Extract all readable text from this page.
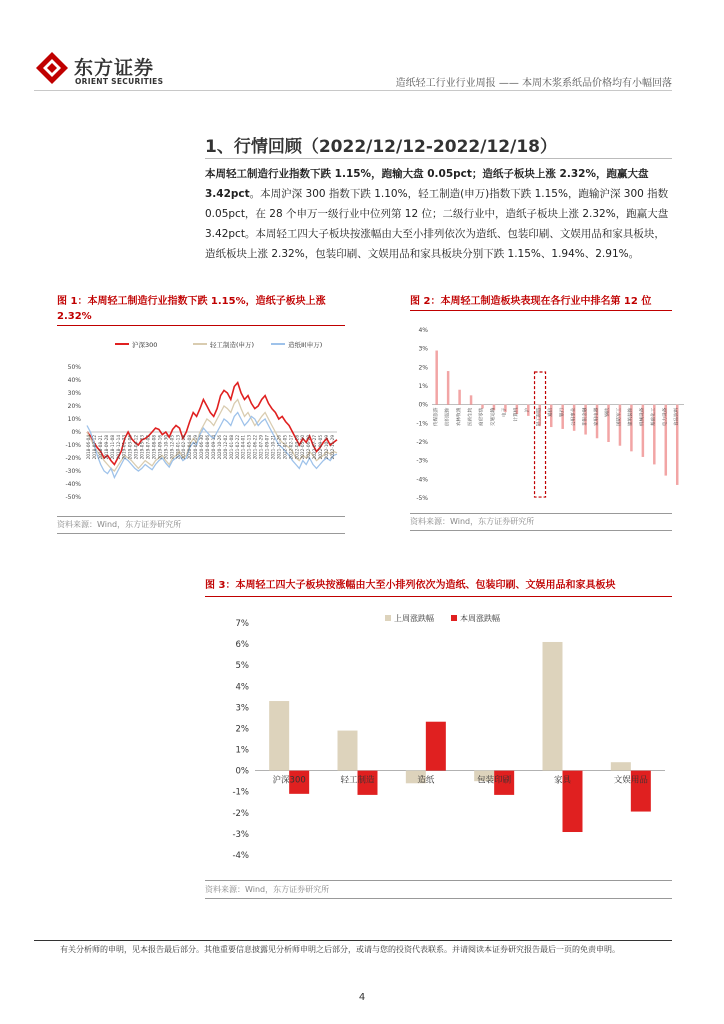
东方证券
ORIENT SECURITIES	造纸轻工行业行业周报 —— 本周木浆系纸品价格均有小幅回落
1、行情回顾（2022/12/12-2022/12/18）
本周轻工制造行业指数下跌 1.15%，跑输大盘 0.05pct；造纸子板块上涨 2.32%，跑赢大盘 3.42pct。本周沪深 300 指数下跌 1.10%，轻工制造(申万)指数下跌 1.15%，跑输沪深 300 指数 0.05pct，在 28 个申万一级行业中位列第 12 位；二级行业中，造纸子板块上涨 2.32%，跑赢大盘 3.42pct。本周轻工四大子板块按涨幅由大至小排列依次为造纸、包装印刷、文娱用品和家具板块，造纸板块上涨 2.32%，包装印刷、文娱用品和家具板块分别下跌 1.15%、1.94%、2.91%。
图 1：本周轻工制造行业指数下跌 1.15%，造纸子板块上涨 2.32%
沪深300	轻工制造(申万)	造纸Ⅱ(申万)
50%
40%
30%
20%
10%
0%
-10%
-20%
-30%
-40%
-50%
2018-06-04 2018-07-12 2018-08-21 2018-09-28 2018-11-08 2018-12-14 2019-01-23 2019-03-06 2019-04-12 2019-05-23 2019-07-02 2019-08-08 2019-09-16 2019-10-30 2019-12-05 2020-01-13 2020-02-28 2020-04-08 2020-05-19 2020-06-30 2020-08-06 2020-09-14 2020-10-26 2020-12-02 2021-01-08 2021-02-22 2021-04-01 2021-05-13 2021-06-22 2021-07-29 2021-09-07 2021-10-21 2021-11-26 2022-01-05 2022-02-17 2022-03-28 2022-05-10 2022-06-20 2022-07-27 2022-09-05 2022-10-19 2022-11-29
资料来源：Wind，东方证券研究所
图 2：本周轻工制造板块表现在各行业中排名第 12 位
4%
3%
2%
1%
0%
-1%
-2%
-3%
-4%
-5%
传媒旅游	纺织服饰	农林牧渔	医药生物	商贸零售	交通运输	电子	计算机	沪	轻工制造	通信	银行	公用事业	非银金融	家用电器	钢铁	国防军工	建筑装饰	机械设备	基础化工	电力设备	食品饮料
资料来源：Wind，东方证券研究所
图 3：本周轻工四大子板块按涨幅由大至小排列依次为造纸、包装印刷、文娱用品和家具板块
上周涨跌幅	本周涨跌幅
7%
6%
5%
4%
3%
2%
1%
0%
-1%
-2%
-3%
-4%
沪深300	轻工制造	造纸	包装印刷	家具	文娱用品
资料来源：Wind，东方证券研究所
有关分析师的申明，见本报告最后部分。其他重要信息披露见分析师申明之后部分，或请与您的投资代表联系。并请阅读本证券研究报告最后一页的免责申明。
4
